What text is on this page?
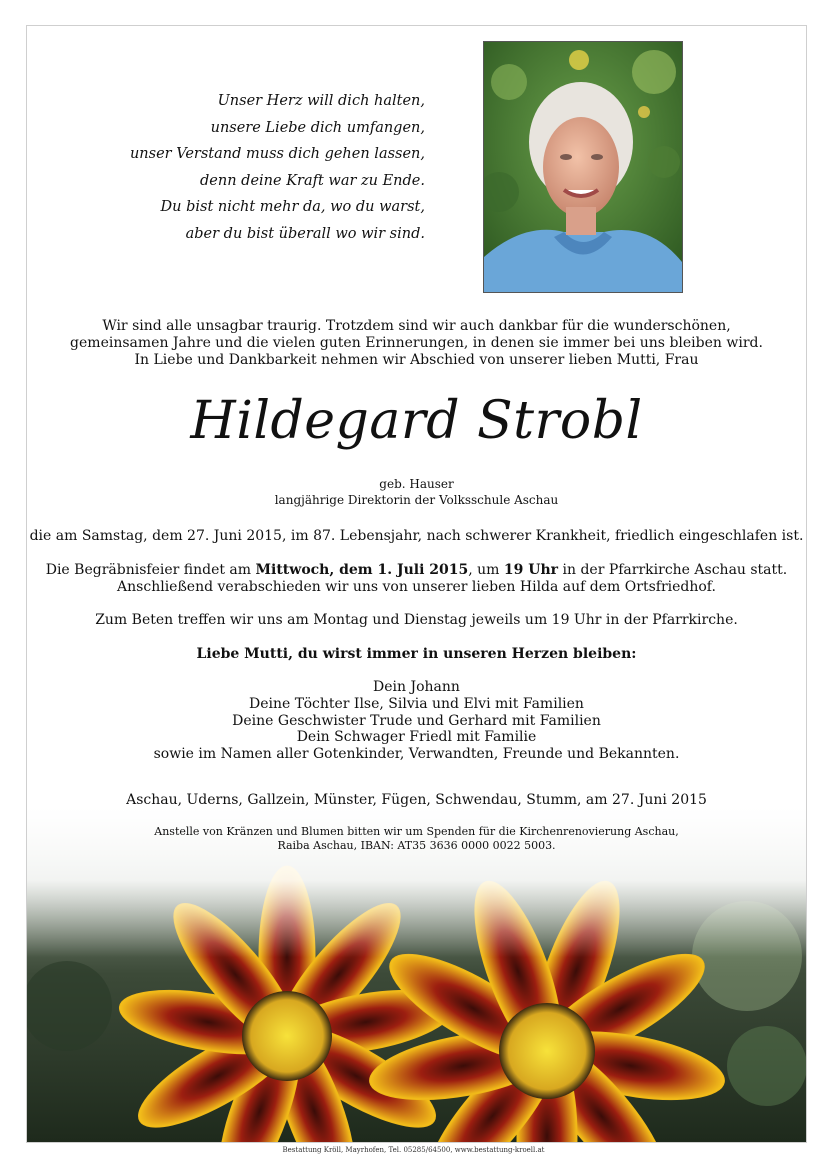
Unser Herz will dich halten,
unsere Liebe dich umfangen,
unser Verstand muss dich gehen lassen,
denn deine Kraft war zu Ende.
Du bist nicht mehr da, wo du warst,
aber du bist überall wo wir sind.
Wir sind alle unsagbar traurig. Trotzdem sind wir auch dankbar für die wunderschönen,
gemeinsamen Jahre und die vielen guten Erinnerungen, in denen sie immer bei uns bleiben wird.
In Liebe und Dankbarkeit nehmen wir Abschied von unserer lieben Mutti, Frau
Hildegard Strobl
geb. Hauser
langjährige Direktorin der Volksschule Aschau
die am Samstag, dem 27. Juni 2015, im 87. Lebensjahr, nach schwerer Krankheit, friedlich eingeschlafen ist.
Die Begräbnisfeier findet am Mittwoch, dem 1. Juli 2015, um 19 Uhr in der Pfarrkirche Aschau statt.
Anschließend verabschieden wir uns von unserer lieben Hilda auf dem Ortsfriedhof.
Zum Beten treffen wir uns am Montag und Dienstag jeweils um 19 Uhr in der Pfarrkirche.
Liebe Mutti, du wirst immer in unseren Herzen bleiben:
Dein Johann
Deine Töchter Ilse, Silvia und Elvi mit Familien
Deine Geschwister Trude und Gerhard mit Familien
Dein Schwager Friedl mit Familie
sowie im Namen aller Gotenkinder, Verwandten, Freunde und Bekannten.
Aschau, Uderns, Gallzein, Münster, Fügen, Schwendau, Stumm, am 27. Juni 2015
Anstelle von Kränzen und Blumen bitten wir um Spenden für die Kirchenrenovierung Aschau,
Raiba Aschau, IBAN: AT35 3636 0000 0022 5003.
Bestattung Kröll, Mayrhofen, Tel. 05285/64500, www.bestattung-kroell.at
